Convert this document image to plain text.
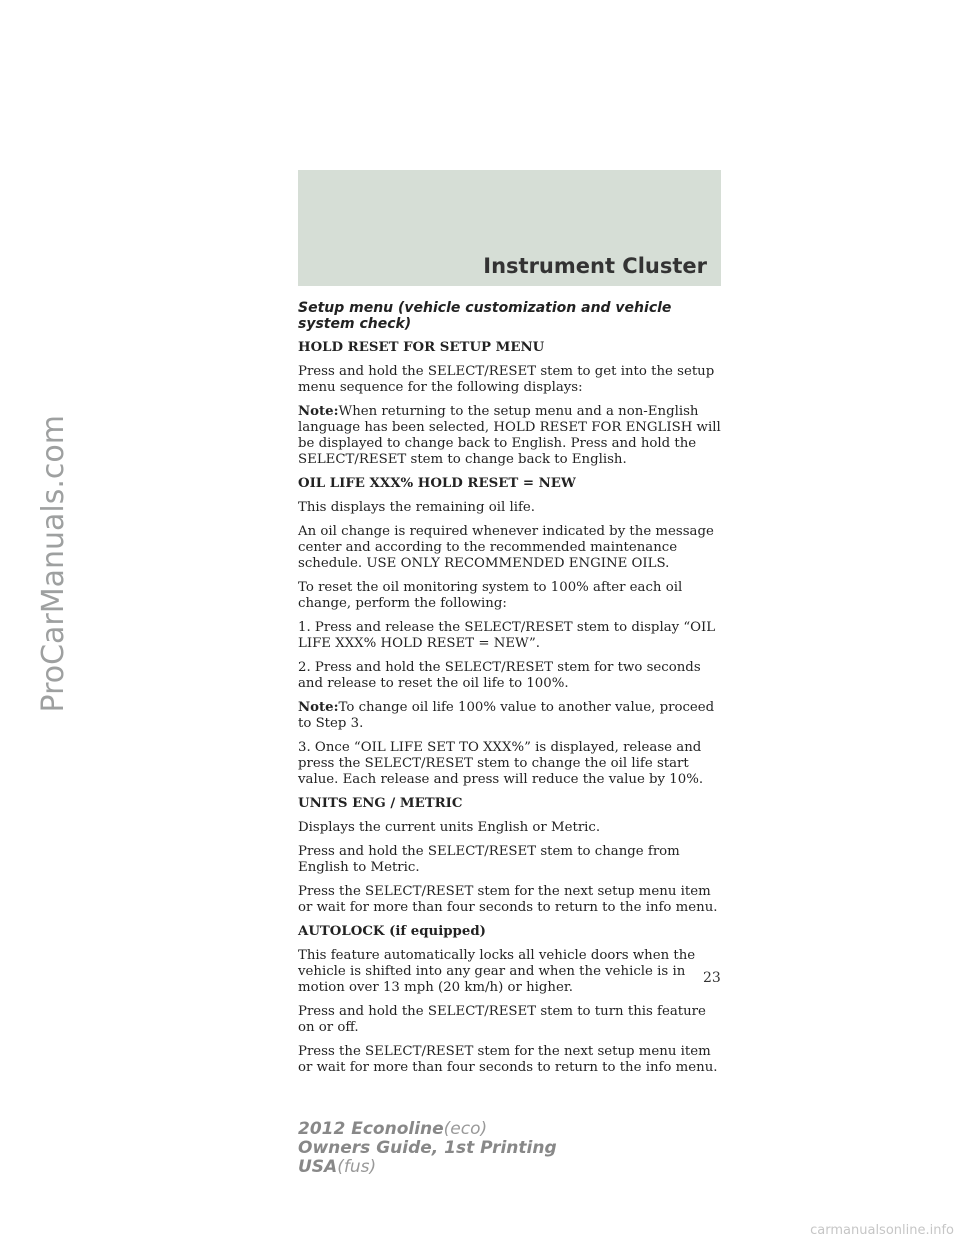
Instrument Cluster
ProCarManuals.com

Setup menu (vehicle customization and vehicle system check)

HOLD RESET FOR SETUP MENU

Press and hold the SELECT/RESET stem to get into the setup menu sequence for the following displays:

Note:When returning to the setup menu and a non-English language has been selected, HOLD RESET FOR ENGLISH will be displayed to change back to English. Press and hold the SELECT/RESET stem to change back to English.

OIL LIFE XXX% HOLD RESET = NEW

This displays the remaining oil life.

An oil change is required whenever indicated by the message center and according to the recommended maintenance schedule. USE ONLY RECOMMENDED ENGINE OILS.

To reset the oil monitoring system to 100% after each oil change, perform the following:

1. Press and release the SELECT/RESET stem to display “OIL LIFE XXX% HOLD RESET = NEW”.

2. Press and hold the SELECT/RESET stem for two seconds and release to reset the oil life to 100%.

Note:To change oil life 100% value to another value, proceed to Step 3.

3. Once “OIL LIFE SET TO XXX%” is displayed, release and press the SELECT/RESET stem to change the oil life start value. Each release and press will reduce the value by 10%.

UNITS ENG / METRIC

Displays the current units English or Metric.

Press and hold the SELECT/RESET stem to change from English to Metric.

Press the SELECT/RESET stem for the next setup menu item or wait for more than four seconds to return to the info menu.

AUTOLOCK (if equipped)

This feature automatically locks all vehicle doors when the vehicle is shifted into any gear and when the vehicle is in motion over 13 mph (20 km/h) or higher.

Press and hold the SELECT/RESET stem to turn this feature on or off.

Press the SELECT/RESET stem for the next setup menu item or wait for more than four seconds to return to the info menu.

23
2012 Econoline(eco)
Owners Guide, 1st Printing
USA(fus)
carmanualsonline.info
